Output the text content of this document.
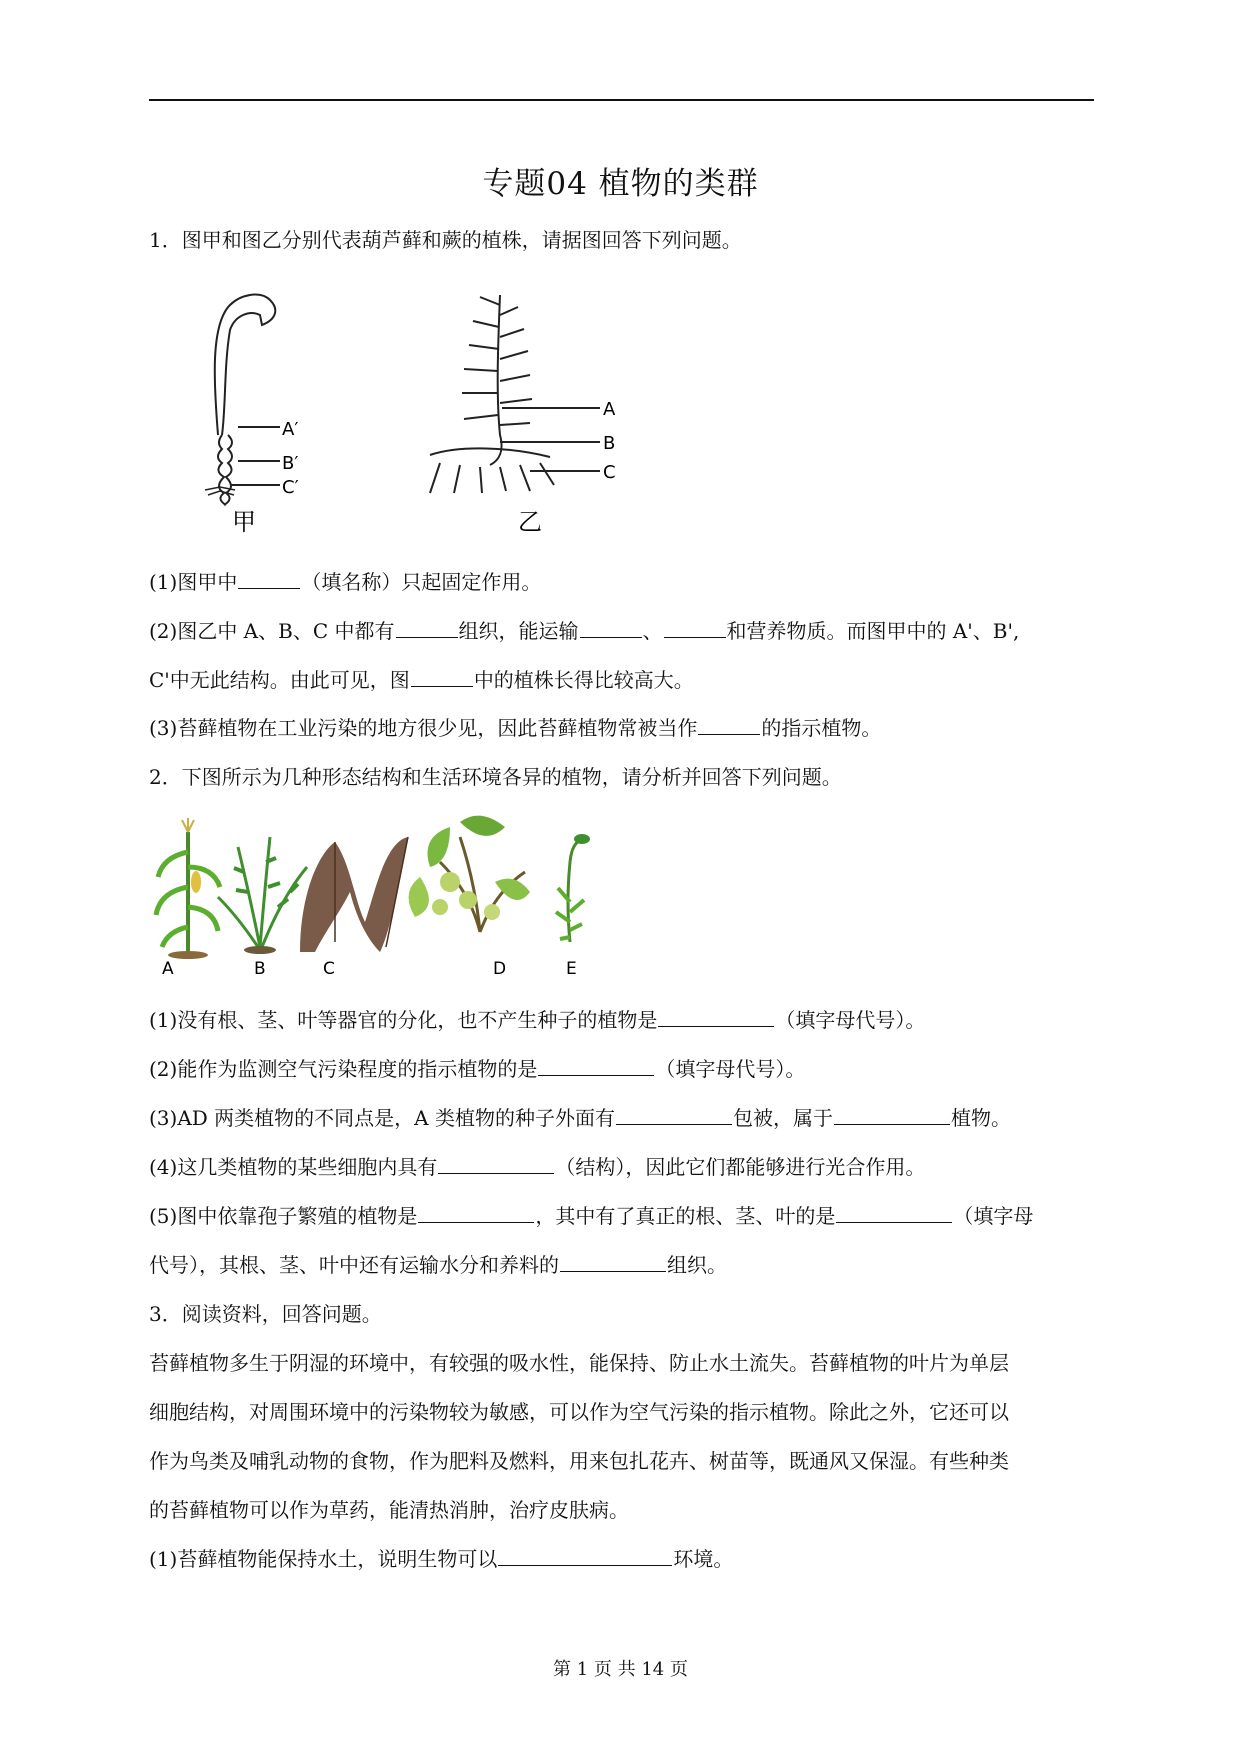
专题04 植物的类群
1．图甲和图乙分别代表葫芦藓和蕨的植株，请据图回答下列问题。
A′
B′
C′
甲
A
B
C
乙
(1)图甲中	（填名称）只起固定作用。
(2)图乙中 A、B、C 中都有	组织，能运输	、	和营养物质。而图甲中的 A'、B',
C'中无此结构。由此可见，图	中的植株长得比较高大。
(3)苔藓植物在工业污染的地方很少见，因此苔藓植物常被当作	的指示植物。
2．下图所示为几种形态结构和生活环境各异的植物，请分析并回答下列问题。
A	B	C	D	E
(1)没有根、茎、叶等器官的分化，也不产生种子的植物是	（填字母代号）。
(2)能作为监测空气污染程度的指示植物的是	（填字母代号）。
(3)AD 两类植物的不同点是，A 类植物的种子外面有	包被，属于	植物。
(4)这几类植物的某些细胞内具有	（结构），因此它们都能够进行光合作用。
(5)图中依靠孢子繁殖的植物是	，其中有了真正的根、茎、叶的是	（填字母
代号），其根、茎、叶中还有运输水分和养料的	组织。
3．阅读资料，回答问题。
苔藓植物多生于阴湿的环境中，有较强的吸水性，能保持、防止水土流失。苔藓植物的叶片为单层
细胞结构，对周围环境中的污染物较为敏感，可以作为空气污染的指示植物。除此之外，它还可以
作为鸟类及哺乳动物的食物，作为肥料及燃料，用来包扎花卉、树苗等，既通风又保湿。有些种类
的苔藓植物可以作为草药，能清热消肿，治疗皮肤病。
(1)苔藓植物能保持水土，说明生物可以	环境。
第 1 页 共 14 页
